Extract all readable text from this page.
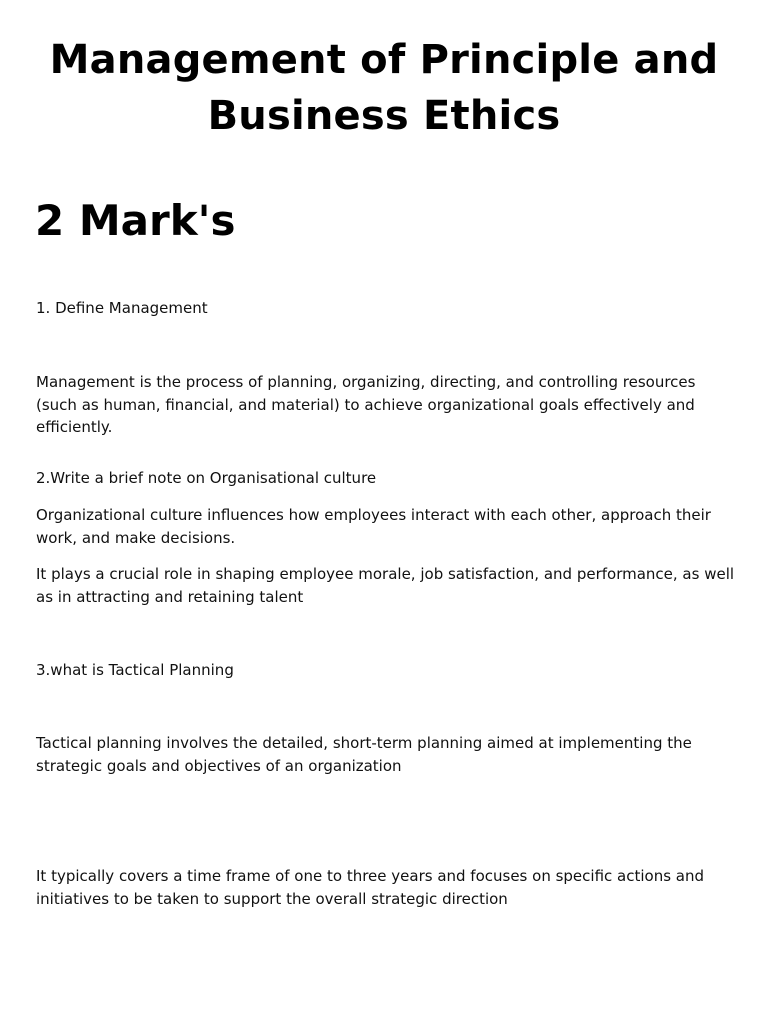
Management of Principle and Business Ethics
2 Mark's

1. Define Management

Management is the process of planning, organizing, directing, and controlling resources (such as human, financial, and material) to achieve organizational goals effectively and efficiently.

2.Write a brief note on Organisational culture

Organizational culture influences how employees interact with each other, approach their work, and make decisions.

It plays a crucial role in shaping employee morale, job satisfaction, and performance, as well as in attracting and retaining talent

3.what is Tactical Planning

Tactical planning involves the detailed, short-term planning aimed at implementing the strategic goals and objectives of an organization

It typically covers a time frame of one to three years and focuses on specific actions and initiatives to be taken to support the overall strategic direction
